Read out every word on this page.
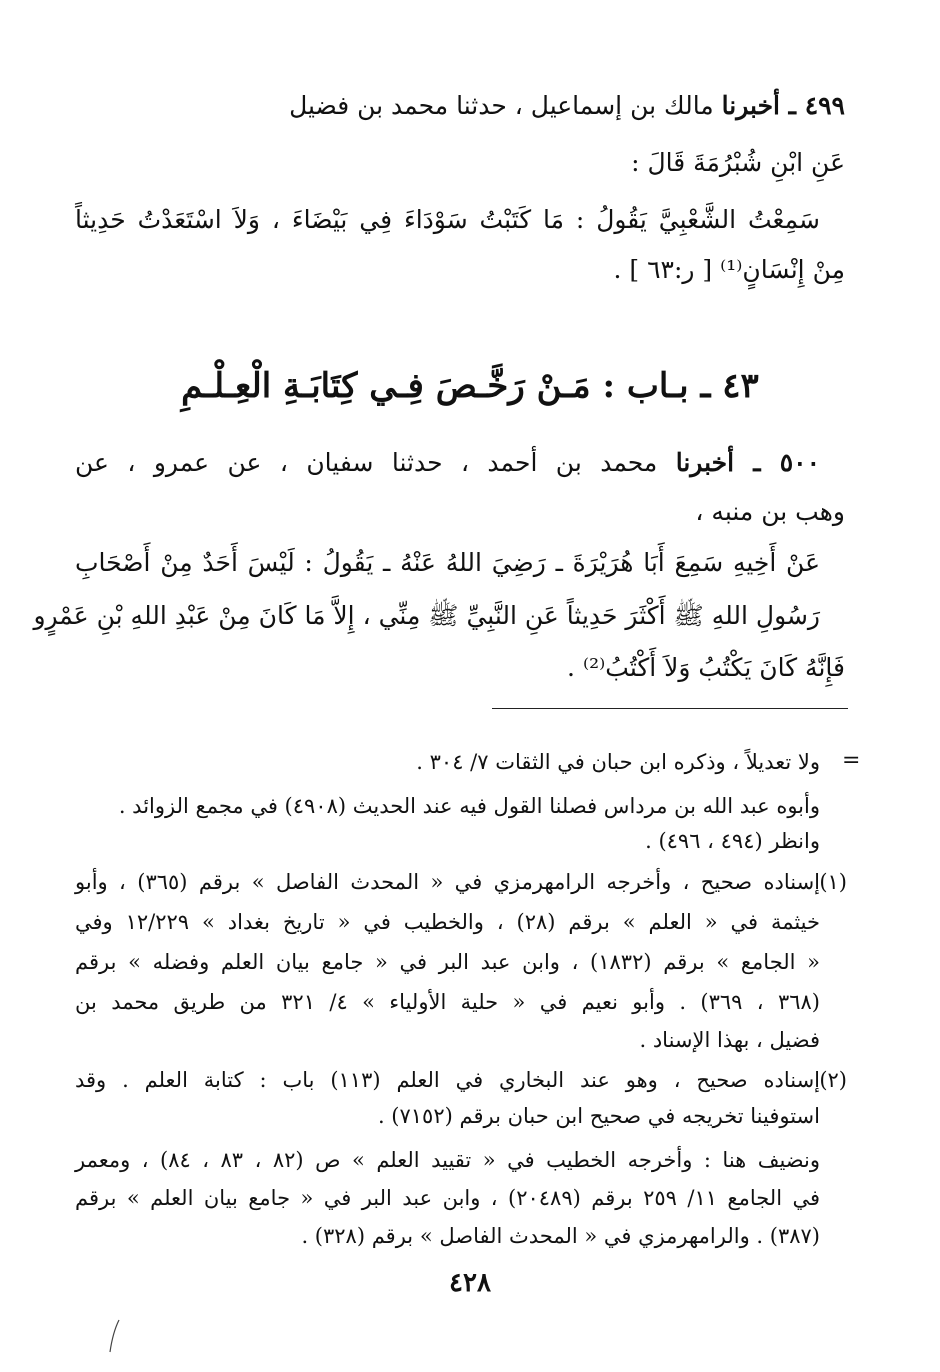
٤٩٩ ـ أخبرنا مالك بن إسماعيل ، حدثنا محمد بن فضيل
عَنِ ابْنِ شُبْرُمَةَ قَالَ :
سَمِعْتُ الشَّعْبِيَّ يَقُولُ : مَا كَتَبْتُ سَوْدَاءَ فِي بَيْضَاءَ ، وَلاَ اسْتَعَدْتُ حَدِيثاً
مِنْ إِنْسَانٍ⁽¹⁾ [ ر:٦٣ ] .
٤٣ ـ بـاب : مَـنْ رَخَّـصَ فِـي كِتَابَـةِ الْعِـلْـمِ
٥٠٠ ـ أخبرنا محمد بن أحمد ، حدثنا سفيان ، عن عمرو ، عن
وهب بن منبه ،
عَنْ أَخِيهِ سَمِعَ أَبَا هُرَيْرَةَ ـ رَضِيَ اللهُ عَنْهُ ـ يَقُولُ : لَيْسَ أَحَدٌ مِنْ أَصْحَابِ
رَسُولِ اللهِ ﷺ أَكْثَرَ حَدِيثاً عَنِ النَّبِيِّ ﷺ مِنِّي ، إِلاَّ مَا كَانَ مِنْ عَبْدِ اللهِ بْنِ عَمْرٍو
فَإِنَّهُ كَانَ يَكْتُبُ وَلاَ أَكْتُبُ⁽²⁾ .
=
ولا تعديلاً ، وذكره ابن حبان في الثقات ٧/ ٣٠٤ .
وأبوه عبد الله بن مرداس فصلنا القول فيه عند الحديث (٤٩٠٨) في مجمع الزوائد .
وانظر (٤٩٤ ، ٤٩٦) .
(١)
إسناده صحيح ، وأخرجه الرامهرمزي في « المحدث الفاصل » برقم (٣٦٥) ، وأبو
خيثمة في « العلم » برقم (٢٨) ، والخطيب في « تاريخ بغداد » ١٢/٢٢٩ وفي
« الجامع » برقم (١٨٣٢) ، وابن عبد البر في « جامع بيان العلم وفضله » برقم
(٣٦٨ ، ٣٦٩) . وأبو نعيم في « حلية الأولياء » ٤/ ٣٢١ من طريق محمد بن
فضيل ، بهذا الإسناد .
(٢)
إسناده صحيح ، وهو عند البخاري في العلم (١١٣) باب : كتابة العلم . وقد
استوفينا تخريجه في صحيح ابن حبان برقم (٧١٥٢) .
ونضيف هنا : وأخرجه الخطيب في « تقييد العلم » ص (٨٢ ، ٨٣ ، ٨٤) ، ومعمر
في الجامع ١١/ ٢٥٩ برقم (٢٠٤٨٩) ، وابن عبد البر في « جامع بيان العلم » برقم
(٣٨٧) . والرامهرمزي في « المحدث الفاصل » برقم (٣٢٨) .
٤٢٨
